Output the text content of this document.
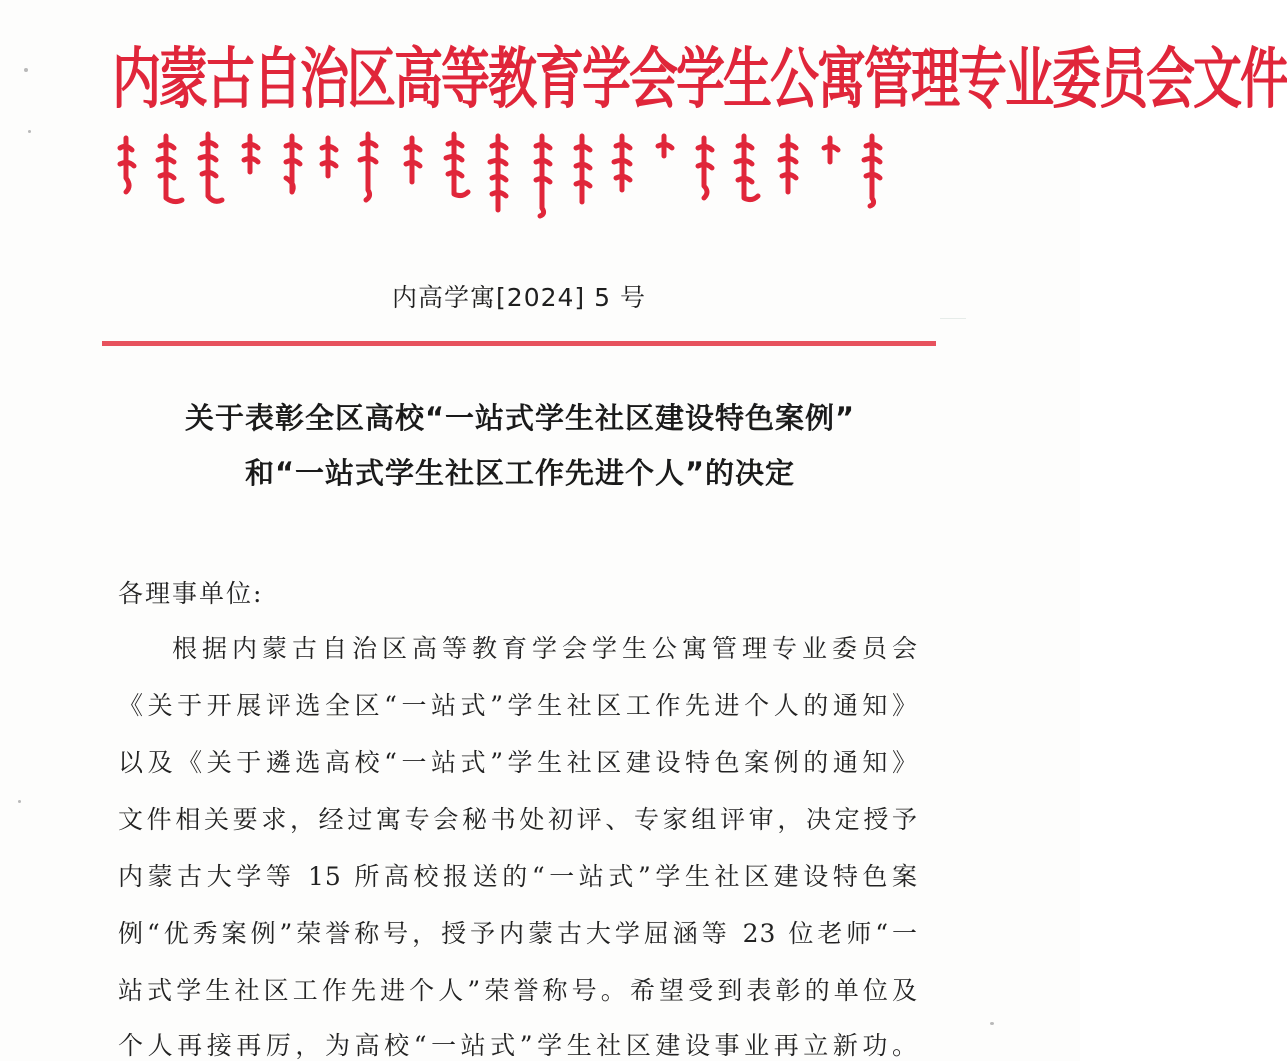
内蒙古自治区高等教育学会学生公寓管理专业委员会文件
内高学寓[2024] 5 号
关于表彰全区高校“一站式学生社区建设特色案例”
和“一站式学生社区工作先进个人”的决定
各理事单位:
根据内蒙古自治区高等教育学会学生公寓管理专业委员会
《关于开展评选全区“一站式”学生社区工作先进个人的通知》
以及《关于遴选高校“一站式”学生社区建设特色案例的通知》
文件相关要求，经过寓专会秘书处初评、专家组评审，决定授予
内蒙古大学等 15 所高校报送的“一站式”学生社区建设特色案
例“优秀案例”荣誉称号，授予内蒙古大学屈涵等 23 位老师“一
站式学生社区工作先进个人”荣誉称号。希望受到表彰的单位及
个人再接再厉，为高校“一站式”学生社区建设事业再立新功。
